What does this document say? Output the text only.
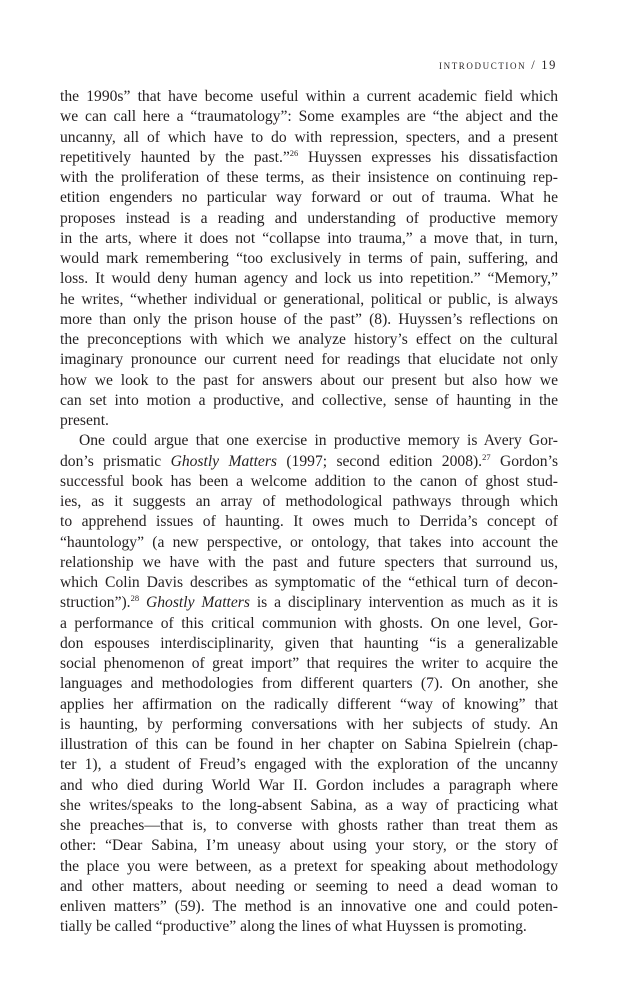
introduction / 19
the 1990s” that have become useful within a current academic field which
we can call here a “traumatology”: Some examples are “the abject and the
uncanny, all of which have to do with repression, specters, and a present
repetitively haunted by the past.”$^{26}$ Huyssen expresses his dissatisfaction
with the proliferation of these terms, as their insistence on continuing rep-
etition engenders no particular way forward or out of trauma. What he
proposes instead is a reading and understanding of productive memory
in the arts, where it does not “collapse into trauma,” a move that, in turn,
would mark remembering “too exclusively in terms of pain, suffering, and
loss. It would deny human agency and lock us into repetition.” “Memory,”
he writes, “whether individual or generational, political or public, is always
more than only the prison house of the past” (8). Huyssen’s reflections on
the preconceptions with which we analyze history’s effect on the cultural
imaginary pronounce our current need for readings that elucidate not only
how we look to the past for answers about our present but also how we
can set into motion a productive, and collective, sense of haunting in the
present.
One could argue that one exercise in productive memory is Avery Gor-
don’s prismatic Ghostly Matters (1997; second edition 2008).$^{27}$ Gordon’s
successful book has been a welcome addition to the canon of ghost stud-
ies, as it suggests an array of methodological pathways through which
to apprehend issues of haunting. It owes much to Derrida’s concept of
“hauntology” (a new perspective, or ontology, that takes into account the
relationship we have with the past and future specters that surround us,
which Colin Davis describes as symptomatic of the “ethical turn of decon-
struction”).$^{28}$ Ghostly Matters is a disciplinary intervention as much as it is
a performance of this critical communion with ghosts. On one level, Gor-
don espouses interdisciplinarity, given that haunting “is a generalizable
social phenomenon of great import” that requires the writer to acquire the
languages and methodologies from different quarters (7). On another, she
applies her affirmation on the radically different “way of knowing” that
is haunting, by performing conversations with her subjects of study. An
illustration of this can be found in her chapter on Sabina Spielrein (chap-
ter 1), a student of Freud’s engaged with the exploration of the uncanny
and who died during World War II. Gordon includes a paragraph where
she writes/speaks to the long-absent Sabina, as a way of practicing what
she preaches—that is, to converse with ghosts rather than treat them as
other: “Dear Sabina, I’m uneasy about using your story, or the story of
the place you were between, as a pretext for speaking about methodology
and other matters, about needing or seeming to need a dead woman to
enliven matters” (59). The method is an innovative one and could poten-
tially be called “productive” along the lines of what Huyssen is promoting.
